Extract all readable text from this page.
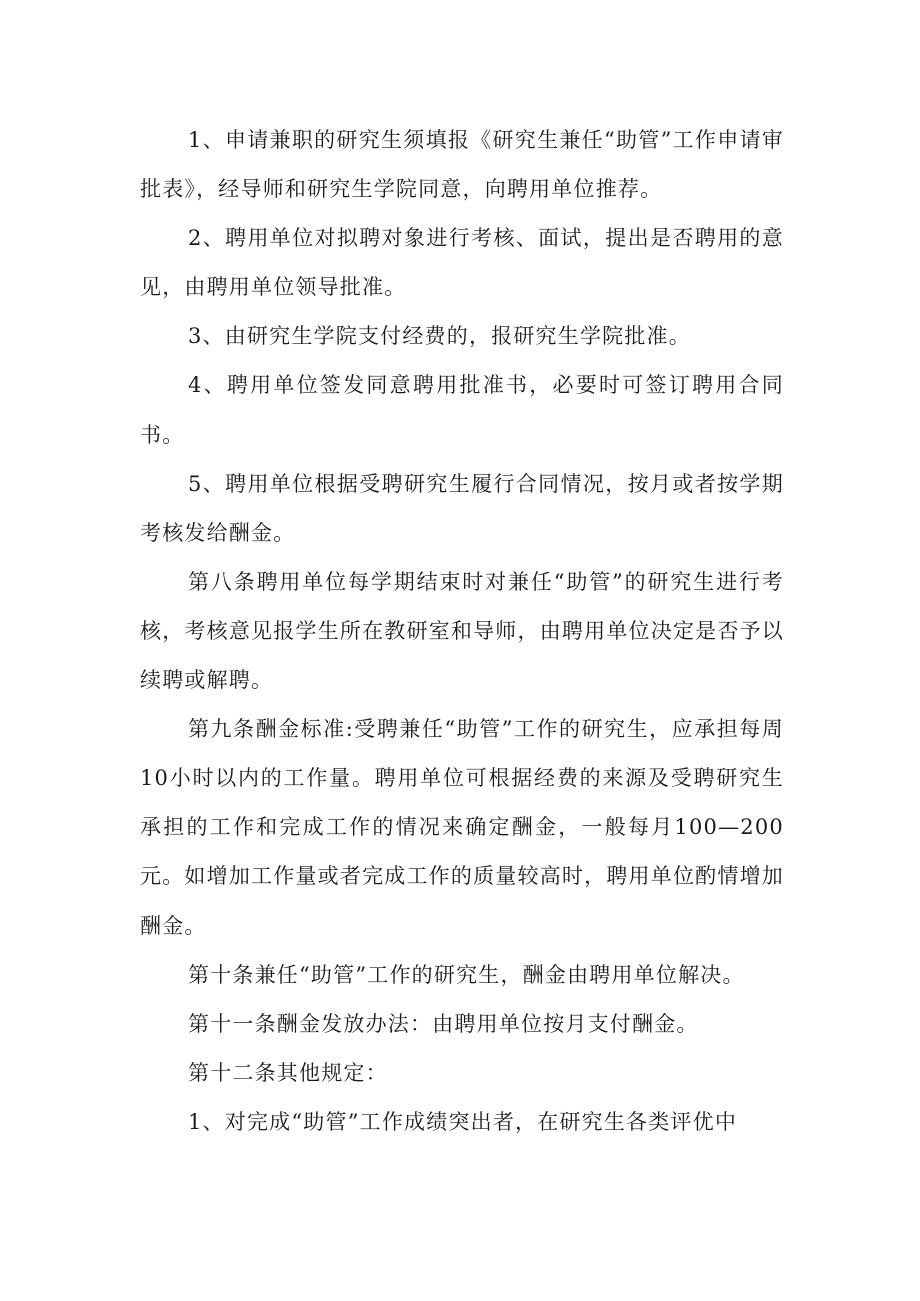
1、申请兼职的研究生须填报《研究生兼任“助管”工作申请审批表》，经导师和研究生学院同意，向聘用单位推荐。

2、聘用单位对拟聘对象进行考核、面试，提出是否聘用的意见，由聘用单位领导批准。

3、由研究生学院支付经费的，报研究生学院批准。

4、聘用单位签发同意聘用批准书，必要时可签订聘用合同书。

5、聘用单位根据受聘研究生履行合同情况，按月或者按学期考核发给酬金。

第八条聘用单位每学期结束时对兼任“助管”的研究生进行考核，考核意见报学生所在教研室和导师，由聘用单位决定是否予以续聘或解聘。

第九条酬金标准:受聘兼任“助管”工作的研究生，应承担每周10小时以内的工作量。聘用单位可根据经费的来源及受聘研究生承担的工作和完成工作的情况来确定酬金，一般每月100—200元。如增加工作量或者完成工作的质量较高时，聘用单位酌情增加酬金。

第十条兼任“助管”工作的研究生，酬金由聘用单位解决。

第十一条酬金发放办法：由聘用单位按月支付酬金。

第十二条其他规定：

1、对完成“助管”工作成绩突出者，在研究生各类评优中
